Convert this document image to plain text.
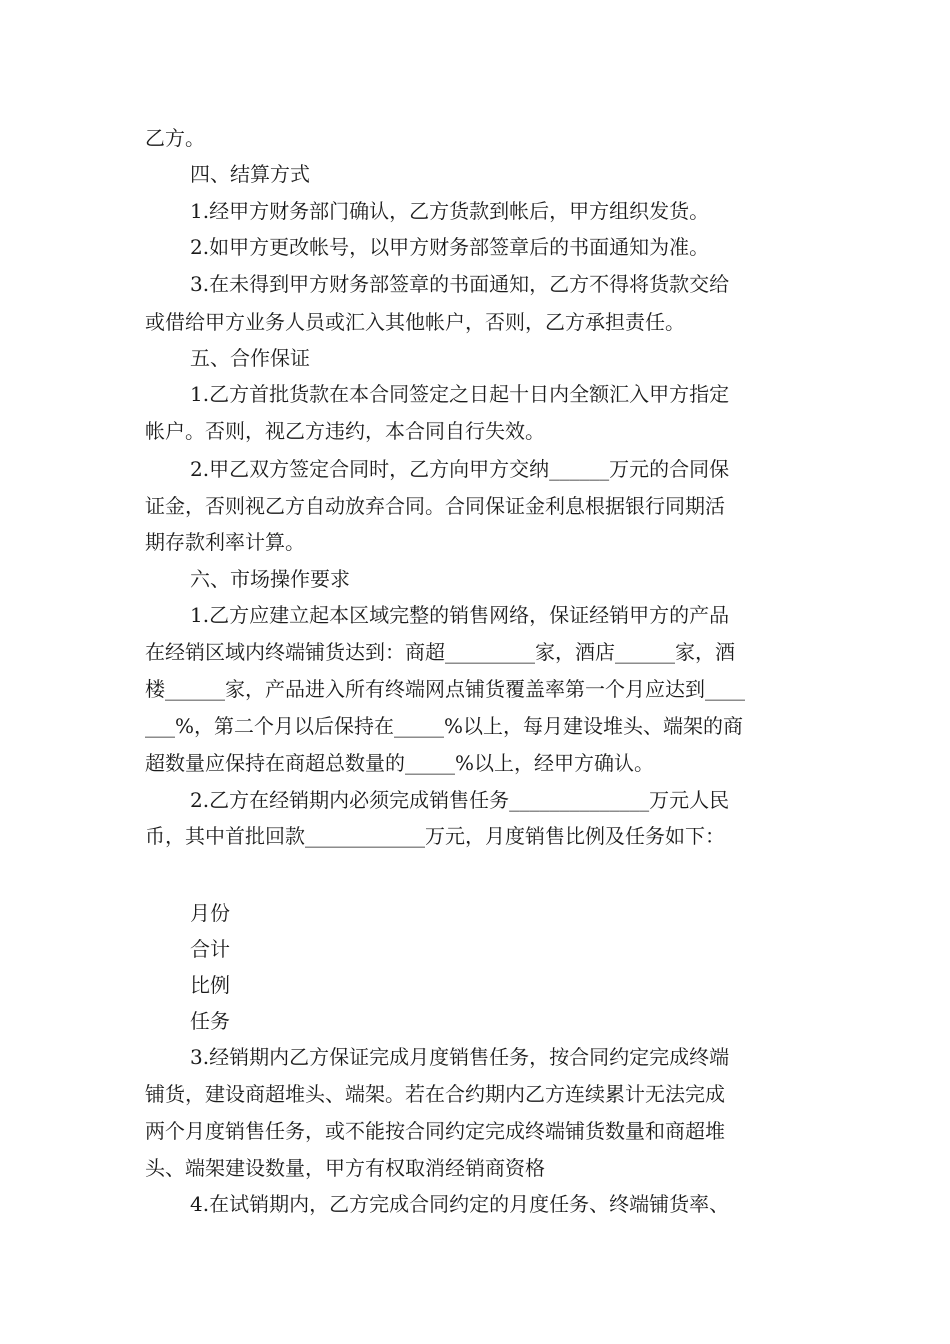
乙方。
四、结算方式
1.经甲方财务部门确认，乙方货款到帐后，甲方组织发货。
2.如甲方更改帐号，以甲方财务部签章后的书面通知为准。
3.在未得到甲方财务部签章的书面通知，乙方不得将货款交给
或借给甲方业务人员或汇入其他帐户，否则，乙方承担责任。
五、合作保证
1.乙方首批货款在本合同签定之日起十日内全额汇入甲方指定
帐户。否则，视乙方违约，本合同自行失效。
2.甲乙双方签定合同时，乙方向甲方交纳______万元的合同保
证金，否则视乙方自动放弃合同。合同保证金利息根据银行同期活
期存款利率计算。
六、市场操作要求
1.乙方应建立起本区域完整的销售网络，保证经销甲方的产品
在经销区域内终端铺货达到：商超_________家，酒店______家，酒
楼______家，产品进入所有终端网点铺货覆盖率第一个月应达到____
___%，第二个月以后保持在_____%以上，每月建设堆头、端架的商
超数量应保持在商超总数量的_____%以上，经甲方确认。
2.乙方在经销期内必须完成销售任务______________万元人民
币，其中首批回款____________万元，月度销售比例及任务如下：
月份
合计
比例
任务
3.经销期内乙方保证完成月度销售任务，按合同约定完成终端
铺货，建设商超堆头、端架。若在合约期内乙方连续累计无法完成
两个月度销售任务，或不能按合同约定完成终端铺货数量和商超堆
头、端架建设数量，甲方有权取消经销商资格
4.在试销期内，乙方完成合同约定的月度任务、终端铺货率、
